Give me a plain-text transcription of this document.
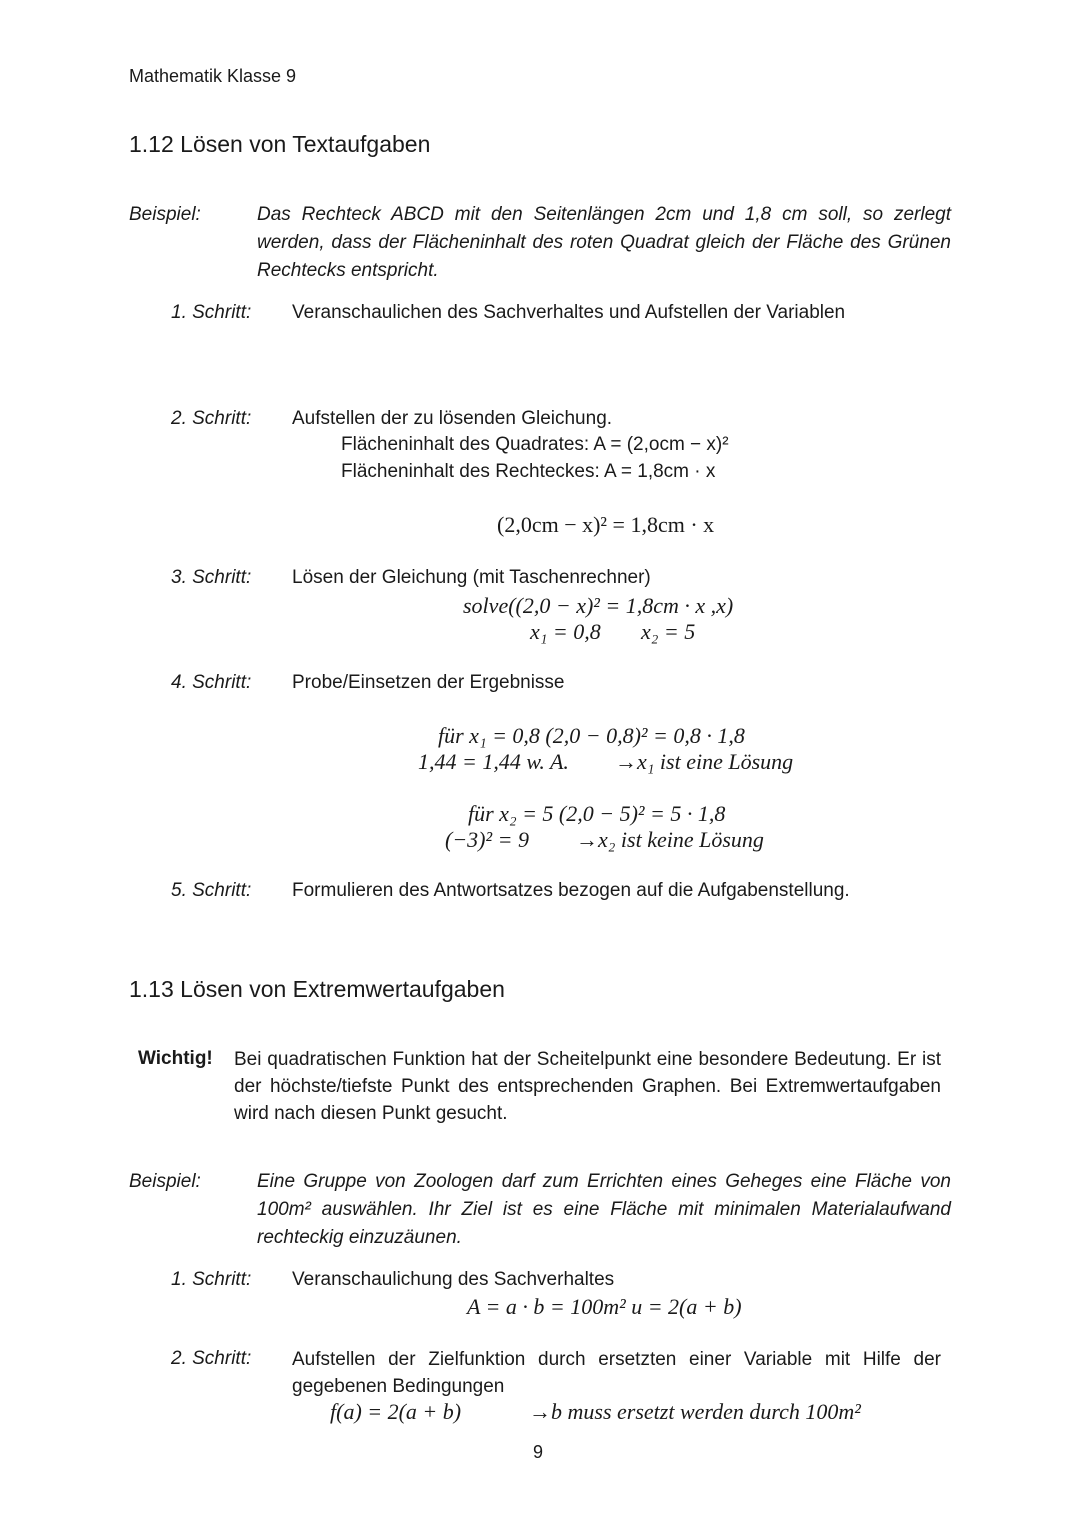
Mathematik Klasse 9
1.12 Lösen von Textaufgaben
Beispiel:	Das Rechteck ABCD mit den Seitenlängen 2cm und 1,8 cm soll, so zerlegt werden, dass der Flächeninhalt des roten Quadrat gleich der Fläche des Grünen Rechtecks entspricht.
1. Schritt: Veranschaulichen des Sachverhaltes und Aufstellen der Variablen
2. Schritt: Aufstellen der zu lösenden Gleichung.
Flächeninhalt des Quadrates: A = (2,ocm − x)²
Flächeninhalt des Rechteckes: A = 1,8cm · x
(2,0cm − x)² = 1,8cm · x
3. Schritt: Lösen der Gleichung (mit Taschenrechner)
solve((2,0 − x)² = 1,8cm · x ,x)
x₁ = 0,8 x₂ = 5
4. Schritt: Probe/Einsetzen der Ergebnisse
für x₁ = 0,8 (2,0 − 0,8)² = 0,8 · 1,8
1,44 = 1,44 w. A. →x₁ ist eine Lösung
für x₂ = 5 (2,0 − 5)² = 5 · 1,8
(−3)² = 9 →x₂ ist keine Lösung
5. Schritt: Formulieren des Antwortsatzes bezogen auf die Aufgabenstellung.
1.13 Lösen von Extremwertaufgaben
Wichtig! Bei quadratischen Funktion hat der Scheitelpunkt eine besondere Bedeutung. Er ist der höchste/tiefste Punkt des entsprechenden Graphen. Bei Extremwertaufgaben wird nach diesen Punkt gesucht.
Beispiel:	Eine Gruppe von Zoologen darf zum Errichten eines Geheges eine Fläche von 100m² auswählen. Ihr Ziel ist es eine Fläche mit minimalen Materialaufwand rechteckig einzuzäunen.
1. Schritt: Veranschaulichung des Sachverhaltes
A = a · b = 100m² u = 2(a + b)
2. Schritt: Aufstellen der Zielfunktion durch ersetzten einer Variable mit Hilfe der gegebenen Bedingungen
f(a) = 2(a + b)	→b muss ersetzt werden durch 100m²
9
